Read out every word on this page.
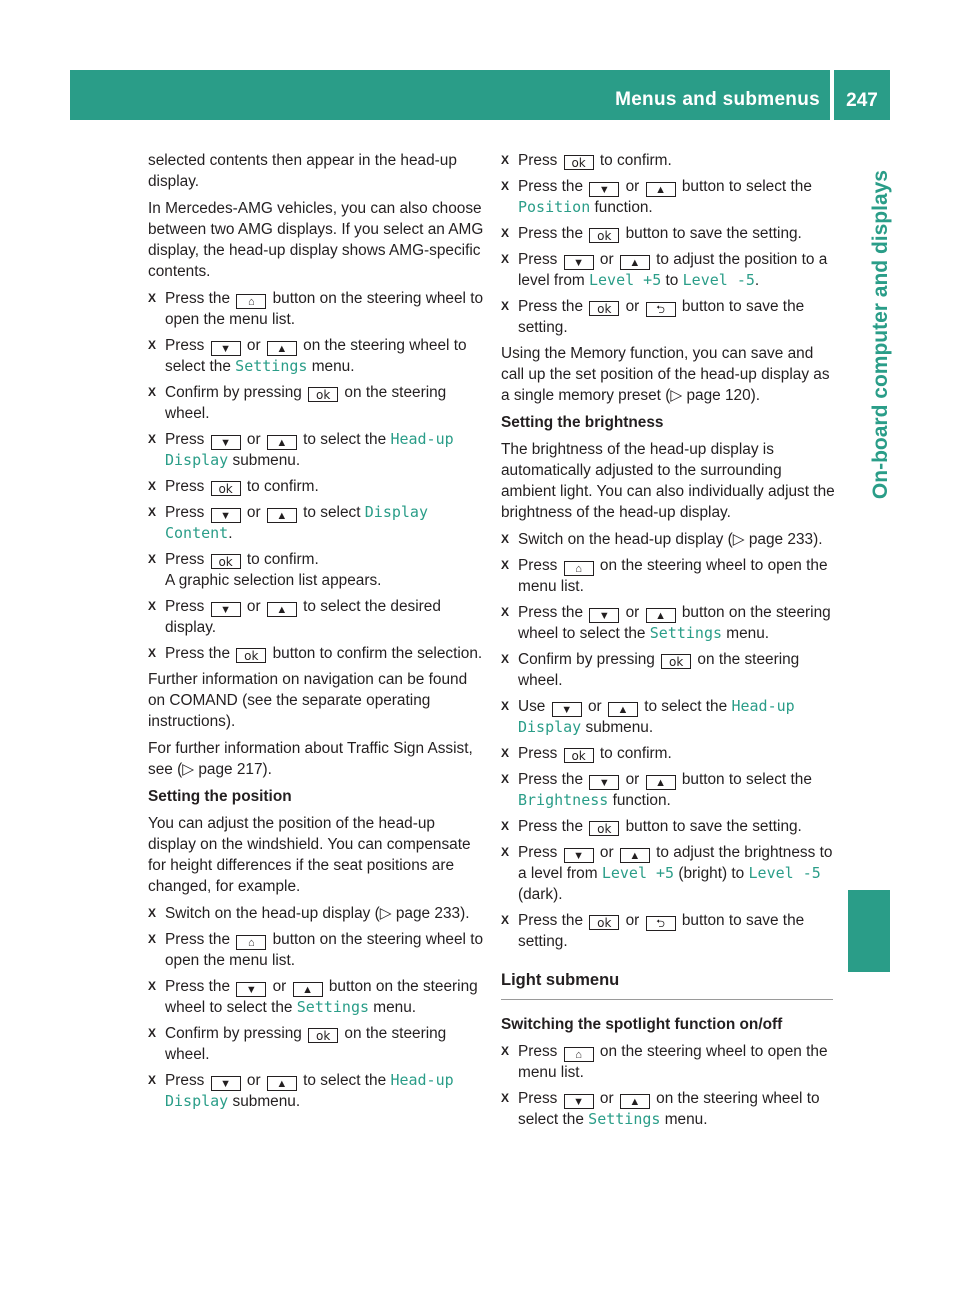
Menus and submenus	247
On-board computer and displays

selected contents then appear in the head-up display.

In Mercedes-AMG vehicles, you can also choose between two AMG displays. If you select an AMG display, the head-up display shows AMG-specific contents.

X Press the ⌂ button on the steering wheel to open the menu list.
X Press ▼ or ▲ on the steering wheel to select the Settings menu.
X Confirm by pressing ok on the steering wheel.
X Press ▼ or ▲ to select the Head-up Display submenu.
X Press ok to confirm.
X Press ▼ or ▲ to select Display Content.
X Press ok to confirm.
A graphic selection list appears.
X Press ▼ or ▲ to select the desired display.
X Press the ok button to confirm the selection.

Further information on navigation can be found on COMAND (see the separate operating instructions).

For further information about Traffic Sign Assist, see (▷ page 217).

Setting the position

You can adjust the position of the head-up display on the windshield. You can compensate for height differences if the seat positions are changed, for example.

X Switch on the head-up display (▷ page 233).
X Press the ⌂ button on the steering wheel to open the menu list.
X Press the ▼ or ▲ button on the steering wheel to select the Settings menu.
X Confirm by pressing ok on the steering wheel.
X Press ▼ or ▲ to select the Head-up Display submenu.
X Press ok to confirm.
X Press the ▼ or ▲ button to select the Position function.
X Press the ok button to save the setting.
X Press ▼ or ▲ to adjust the position to a level from Level +5 to Level -5.
X Press the ok or ⮌ button to save the setting.

Using the Memory function, you can save and call up the set position of the head-up display as a single memory preset (▷ page 120).

Setting the brightness

The brightness of the head-up display is automatically adjusted to the surrounding ambient light. You can also individually adjust the brightness of the head-up display.

X Switch on the head-up display (▷ page 233).
X Press ⌂ on the steering wheel to open the menu list.
X Press the ▼ or ▲ button on the steering wheel to select the Settings menu.
X Confirm by pressing ok on the steering wheel.
X Use ▼ or ▲ to select the Head-up Display submenu.
X Press ok to confirm.
X Press the ▼ or ▲ button to select the Brightness function.
X Press the ok button to save the setting.
X Press ▼ or ▲ to adjust the brightness to a level from Level +5 (bright) to Level -5 (dark).
X Press the ok or ⮌ button to save the setting.
Light submenu
Switching the spotlight function on/off
X Press ⌂ on the steering wheel to open the menu list.
X Press ▼ or ▲ on the steering wheel to select the Settings menu.
